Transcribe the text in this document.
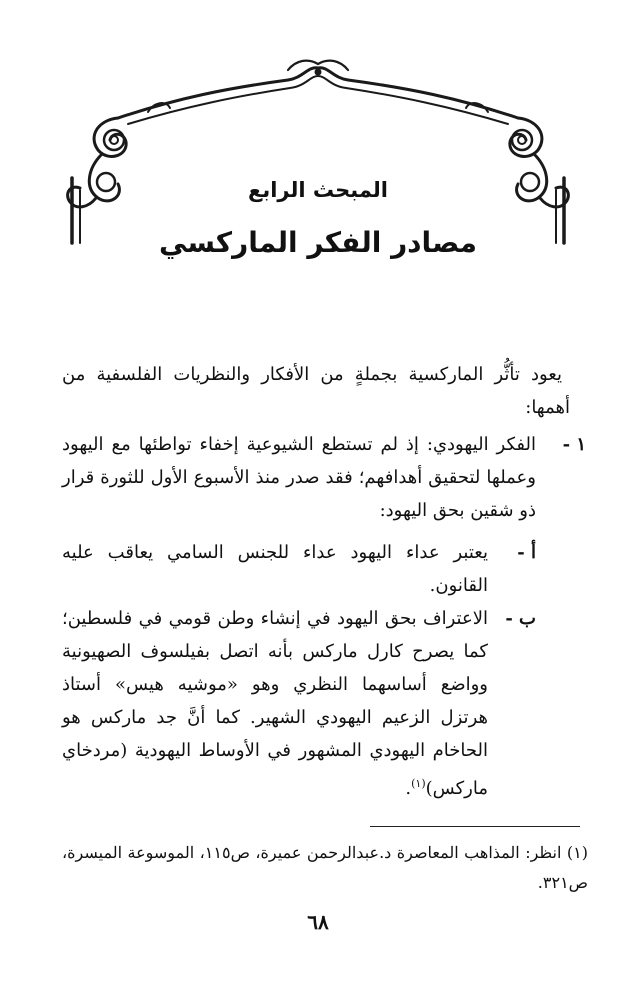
المبحث الرابع
مصادر الفكر الماركسي
يعود تأثُّر الماركسية بجملةٍ من الأفكار والنظريات الفلسفية من أهمها:
١ -
الفكر اليهودي: إذ لم تستطع الشيوعية إخفاء تواطئها مع اليهود وعملها لتحقيق أهدافهم؛ فقد صدر منذ الأسبوع الأول للثورة قرار ذو شقين بحق اليهود:
أ -
يعتبر عداء اليهود عداء للجنس السامي يعاقب عليه القانون.
ب -
الاعتراف بحق اليهود في إنشاء وطن قومي في فلسطين؛ كما يصرح كارل ماركس بأنه اتصل بفيلسوف الصهيونية وواضع أساسهما النظري وهو «موشيه هيس» أستاذ هرتزل الزعيم اليهودي الشهير. كما أنَّ جد ماركس هو الحاخام اليهودي المشهور في الأوساط اليهودية (مردخاي ماركس)$^{(١)}$.
(١) انظر: المذاهب المعاصرة د.عبدالرحمن عميرة، ص١١٥، الموسوعة الميسرة، ص٣٢١.
٦٨
